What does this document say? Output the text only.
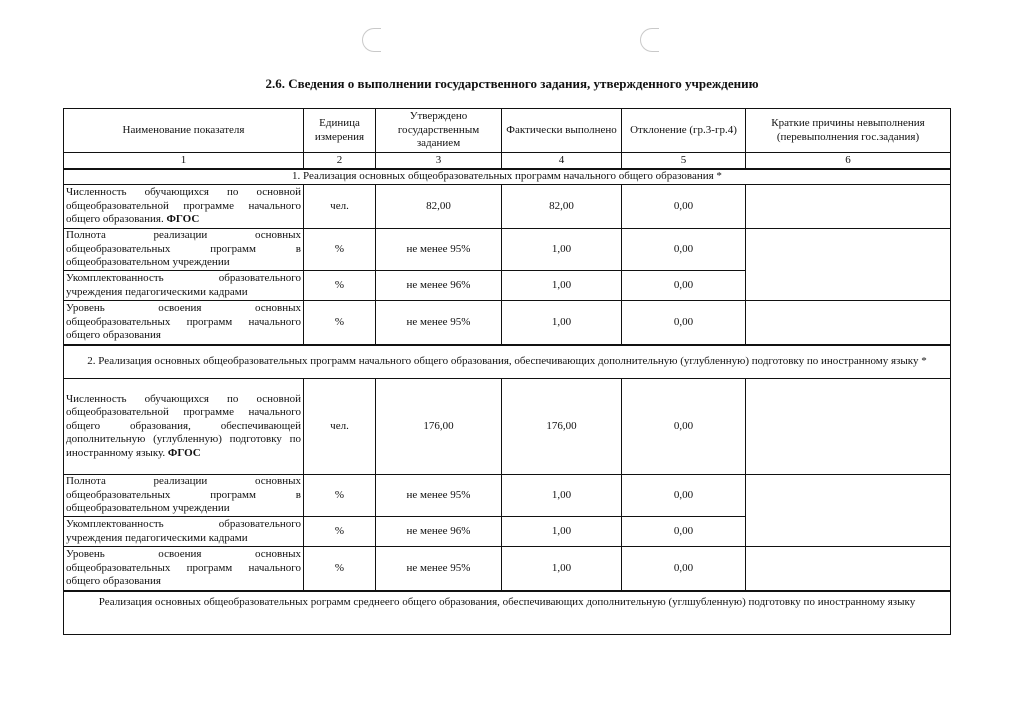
2.6. Сведения о выполнении государственного задания, утвержденного учреждению
Наименование показателя	Единица измерения	Утверждено государственным заданием	Фактически выполнено	Отклонение (гр.3-гр.4)	Краткие причины невыполнения (перевыполнения гос.задания)
1	2	3	4	5	6
1. Реализация основных общеобразовательных программ начального общего образования *					
Численность обучающихся по основной общеобразовательной программе начального общего образования. ФГОС	чел.	82,00	82,00	0,00	
Полнота реализации основных общеобразовательных программ в общеобразовательном учреждении	%	не менее 95%	1,00	0,00	
Укомплектованность образовательного учреждения педагогическими кадрами	%	не менее 96%	1,00	0,00	
Уровень освоения основных общеобразовательных программ начального общего образования	%	не менее 95%	1,00	0,00	
2. Реализация основных общеобразовательных программ начального общего образования, обеспечивающих дополнительную (углубленную) подготовку по иностранному языку *					
Численность обучающихся по основной общеобразовательной программе начального общего образования, обеспечивающей дополнительную (углубленную) подготовку по иностранному языку. ФГОС	чел.	176,00	176,00	0,00	
Полнота реализации основных общеобразовательных программ в общеобразовательном учреждении	%	не менее 95%	1,00	0,00	
Укомплектованность образовательного учреждения педагогическими кадрами	%	не менее 96%	1,00	0,00	
Уровень освоения основных общеобразовательных программ начального общего образования	%	не менее 95%	1,00	0,00	
Реализация основных общеобразовательных рограмм среднеего общего образования, обеспечивающих дополнительную (углшубленную) подготовку по иностранному языку					
